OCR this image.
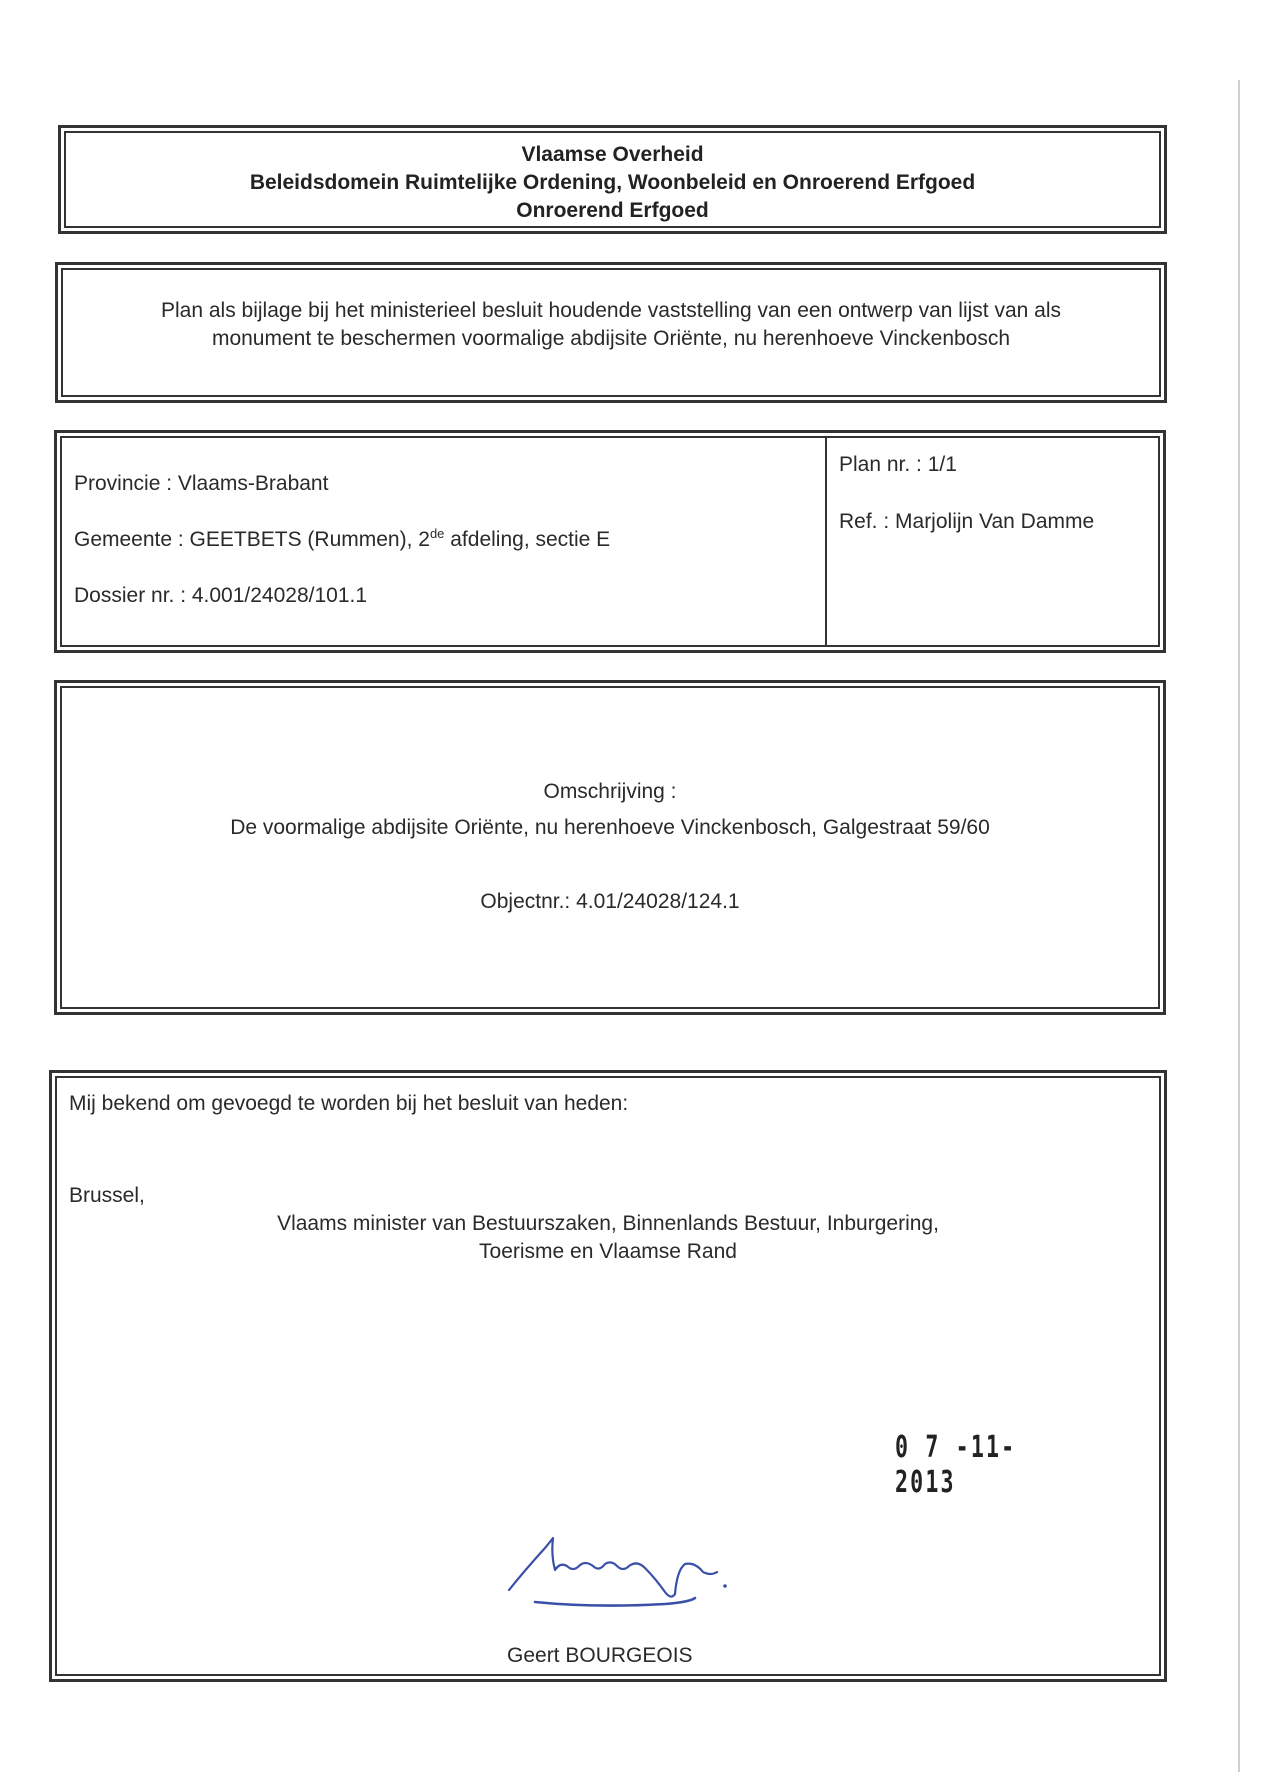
Vlaamse Overheid
Beleidsdomein Ruimtelijke Ordening, Woonbeleid en Onroerend Erfgoed
Onroerend Erfgoed
Plan als bijlage bij het ministerieel besluit houdende vaststelling van een ontwerp van lijst van als
monument te beschermen voormalige abdijsite Oriënte, nu herenhoeve Vinckenbosch
Provincie : Vlaams-Brabant
Gemeente : GEETBETS (Rummen), 2de afdeling, sectie E
Dossier nr. : 4.001/24028/101.1
Plan nr. : 1/1
Ref. : Marjolijn Van Damme
Omschrijving :
De voormalige abdijsite Oriënte, nu herenhoeve Vinckenbosch, Galgestraat 59/60
Objectnr.: 4.01/24028/124.1
Mij bekend om gevoegd te worden bij het besluit van heden:
Brussel,
Vlaams minister van Bestuurszaken, Binnenlands Bestuur, Inburgering,
Toerisme en Vlaamse Rand
0 7 -11- 2013
Geert BOURGEOIS
